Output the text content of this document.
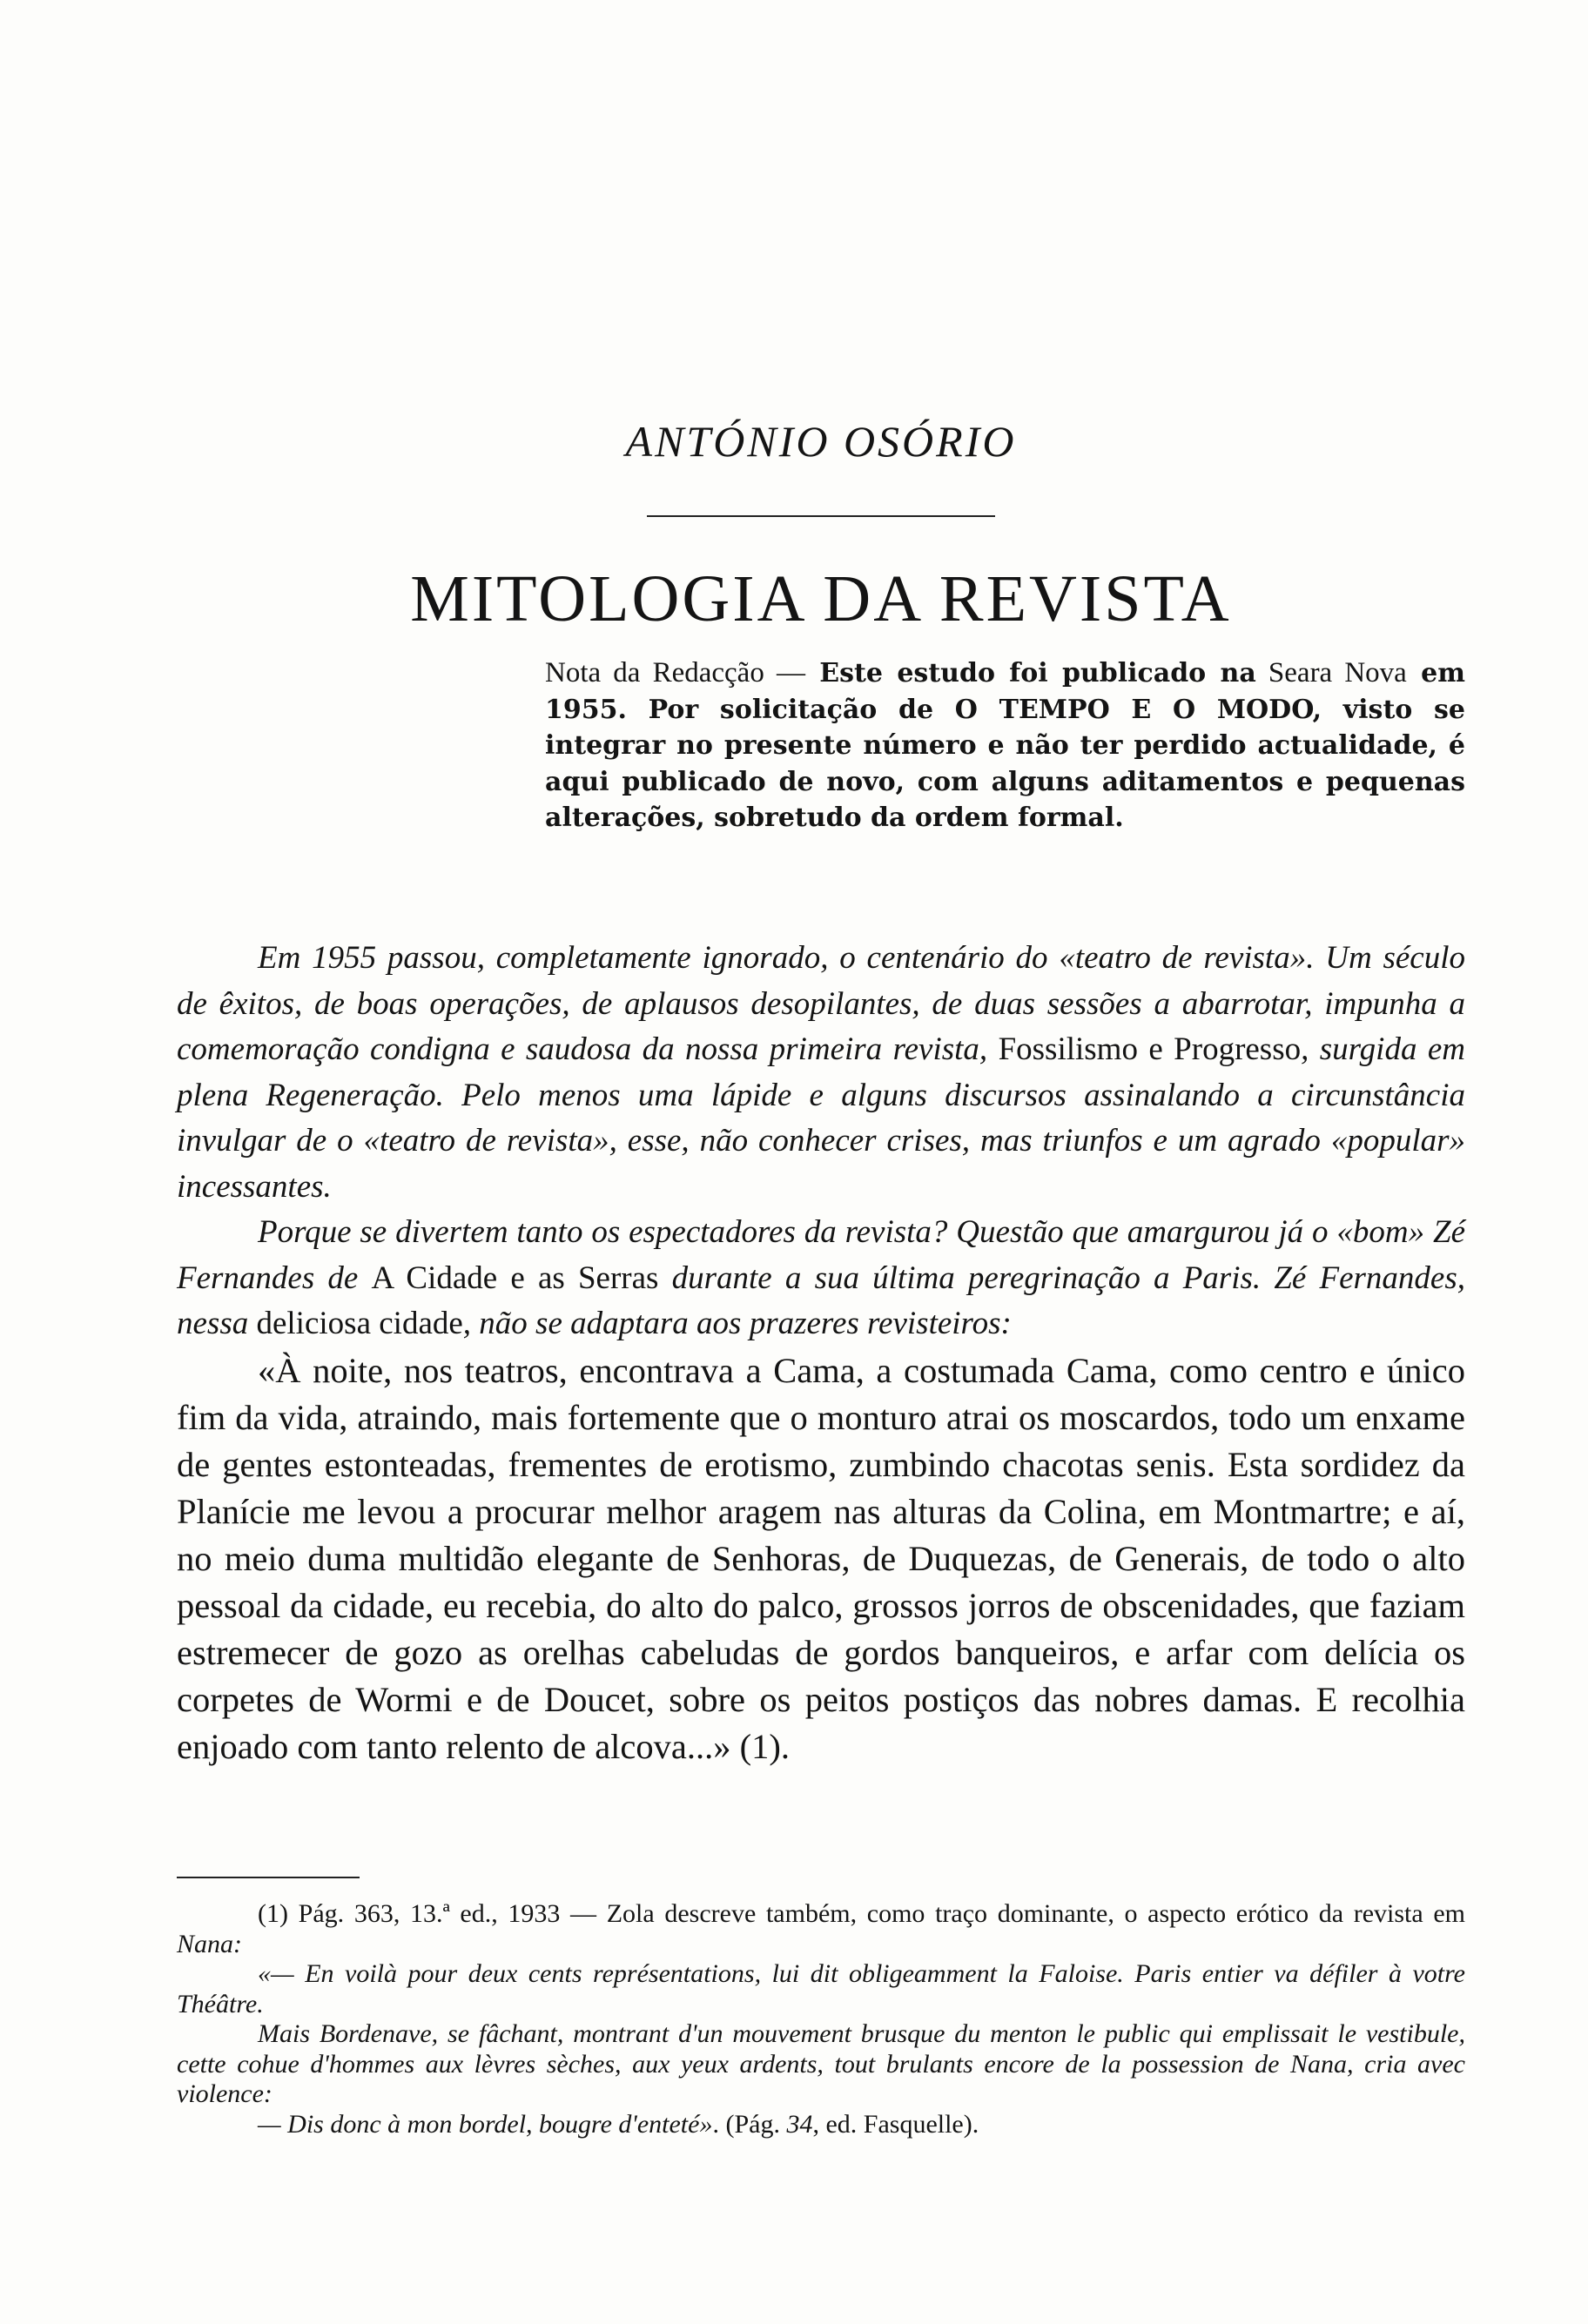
ANTÓNIO OSÓRIO
MITOLOGIA DA REVISTA

Nota da Redacção — Este estudo foi publicado na Seara Nova em 1955. Por solicitação de O TEMPO E O MODO, visto se integrar no presente número e não ter perdido actualidade, é aqui publicado de novo, com alguns aditamentos e pequenas alterações, sobretudo da ordem formal.

Em 1955 passou, completamente ignorado, o centenário do «teatro de revista». Um século de êxitos, de boas operações, de aplausos desopilantes, de duas sessões a abarrotar, impunha a comemoração condigna e saudosa da nossa primeira revista, Fossilismo e Progresso, surgida em plena Regeneração. Pelo menos uma lápide e alguns discursos assinalando a circunstância invulgar de o «teatro de revista», esse, não conhecer crises, mas triunfos e um agrado «popular» incessantes.

Porque se divertem tanto os espectadores da revista? Questão que amargurou já o «bom» Zé Fernandes de A Cidade e as Serras durante a sua última peregrinação a Paris. Zé Fernandes, nessa deliciosa cidade, não se adaptara aos prazeres revisteiros:

«À noite, nos teatros, encontrava a Cama, a costumada Cama, como centro e único fim da vida, atraindo, mais fortemente que o monturo atrai os moscardos, todo um enxame de gentes estonteadas, frementes de erotismo, zumbindo chacotas senis. Esta sordidez da Planície me levou a procurar melhor aragem nas alturas da Colina, em Montmartre; e aí, no meio duma multidão elegante de Senhoras, de Duquezas, de Generais, de todo o alto pessoal da cidade, eu recebia, do alto do palco, grossos jorros de obscenidades, que faziam estremecer de gozo as orelhas cabeludas de gordos banqueiros, e arfar com delícia os corpetes de Wormi e de Doucet, sobre os peitos postiços das nobres damas. E recolhia enjoado com tanto relento de alcova...» (1).

(1) Pág. 363, 13.ª ed., 1933 — Zola descreve também, como traço dominante, o aspecto erótico da revista em Nana:

«— En voilà pour deux cents représentations, lui dit obligeamment la Faloise. Paris entier va défiler à votre Théâtre.

Mais Bordenave, se fâchant, montrant d'un mouvement brusque du menton le public qui emplissait le vestibule, cette cohue d'hommes aux lèvres sèches, aux yeux ardents, tout brulants encore de la possession de Nana, cria avec violence:

— Dis donc à mon bordel, bougre d'enteté». (Pág. 34, ed. Fasquelle).
